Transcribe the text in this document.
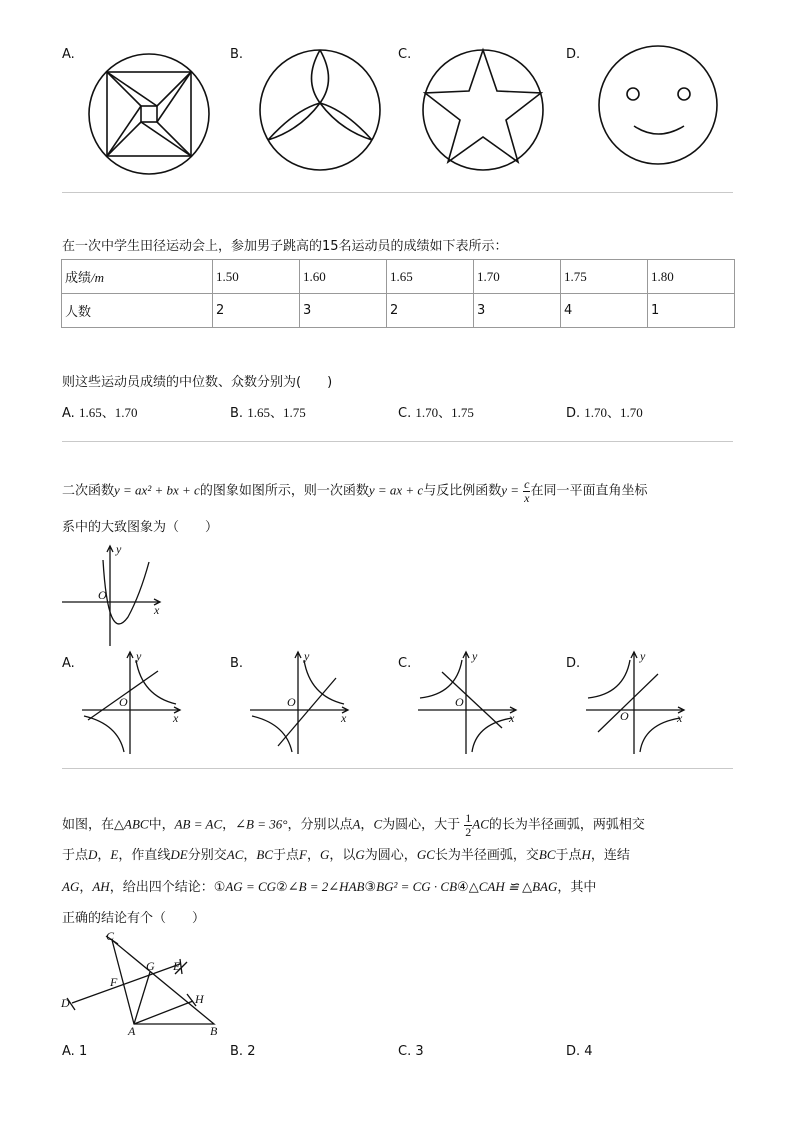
A.	B.	C.	D.
在一次中学生田径运动会上，参加男子跳高的15名运动员的成绩如下表所示：
成绩/m	1.50	1.60	1.65	1.70	1.75	1.80
人数	2	3	2	3	4	1
则这些运动员成绩的中位数、众数分别为(　　)
A. 1.65、1.70	B. 1.65、1.75	C. 1.70、1.75	D. 1.70、1.70
二次函数y = ax² + bx + c的图象如图所示，则一次函数y = ax + c与反比例函数$y = \frac{c}{x}$ 在同一平面直角坐标
系中的大致图象为（　　）
y
x
O
A.	B.	C.	D.
y
x
O
y
x
O
y
x
O
y
x
O
如图，在△ABC中，AB = AC，∠B = 36°，分别以点A，C为圆心，大于 $\frac{1}{2}$ AC的长为半径画弧，两弧相交
于点D，E，作直线DE分别交AC，BC于点F，G，以G为圆心，GC长为半径画弧，交BC于点H，连结
AG，AH，给出四个结论：①AG = CG②∠B = 2∠HAB③BG² = CG · CB④△CAH ≌ △BAG，其中
正确的结论有个（　　）
C
G E
F
H
D
A	B
A. 1	B. 2	C. 3	D. 4
